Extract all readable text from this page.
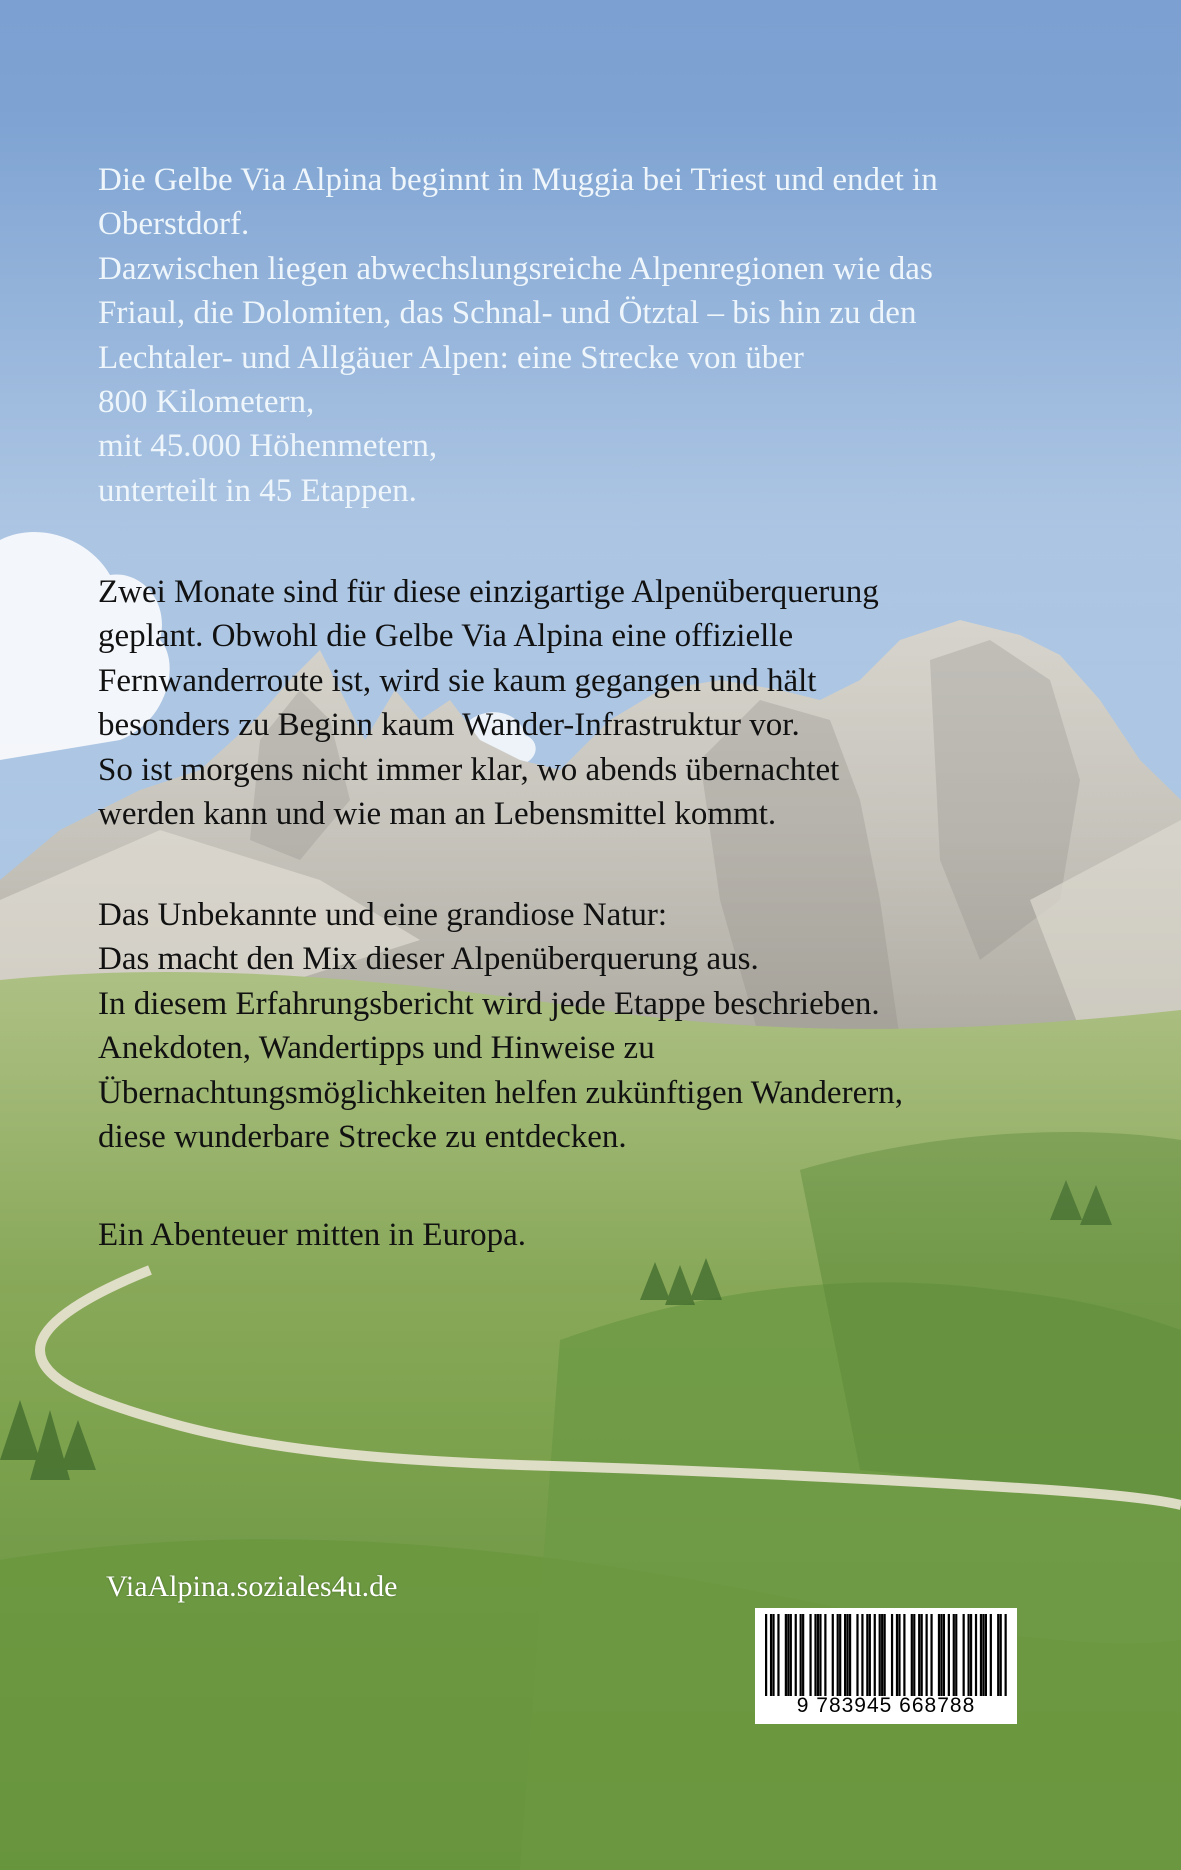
Die Gelbe Via Alpina beginnt in Muggia bei Triest und endet in
Oberstdorf.
Dazwischen liegen abwechslungsreiche Alpenregionen wie das
Friaul, die Dolomiten, das Schnal- und Ötztal – bis hin zu den
Lechtaler- und Allgäuer Alpen: eine Strecke von über
800 Kilometern,
mit 45.000 Höhenmetern,
unterteilt in 45 Etappen.
Zwei Monate sind für diese einzigartige Alpenüberquerung
geplant. Obwohl die Gelbe Via Alpina eine offizielle
Fernwanderroute ist, wird sie kaum gegangen und hält
besonders zu Beginn kaum Wander-Infrastruktur vor.
So ist morgens nicht immer klar, wo abends übernachtet
werden kann und wie man an Lebensmittel kommt.
Das Unbekannte und eine grandiose Natur:
Das macht den Mix dieser Alpenüberquerung aus.
In diesem Erfahrungsbericht wird jede Etappe beschrieben.
Anekdoten, Wandertipps und Hinweise zu
Übernachtungsmöglichkeiten helfen zukünftigen Wanderern,
diese wunderbare Strecke zu entdecken.
Ein Abenteuer mitten in Europa.
ViaAlpina.soziales4u.de
9 783945 668788
